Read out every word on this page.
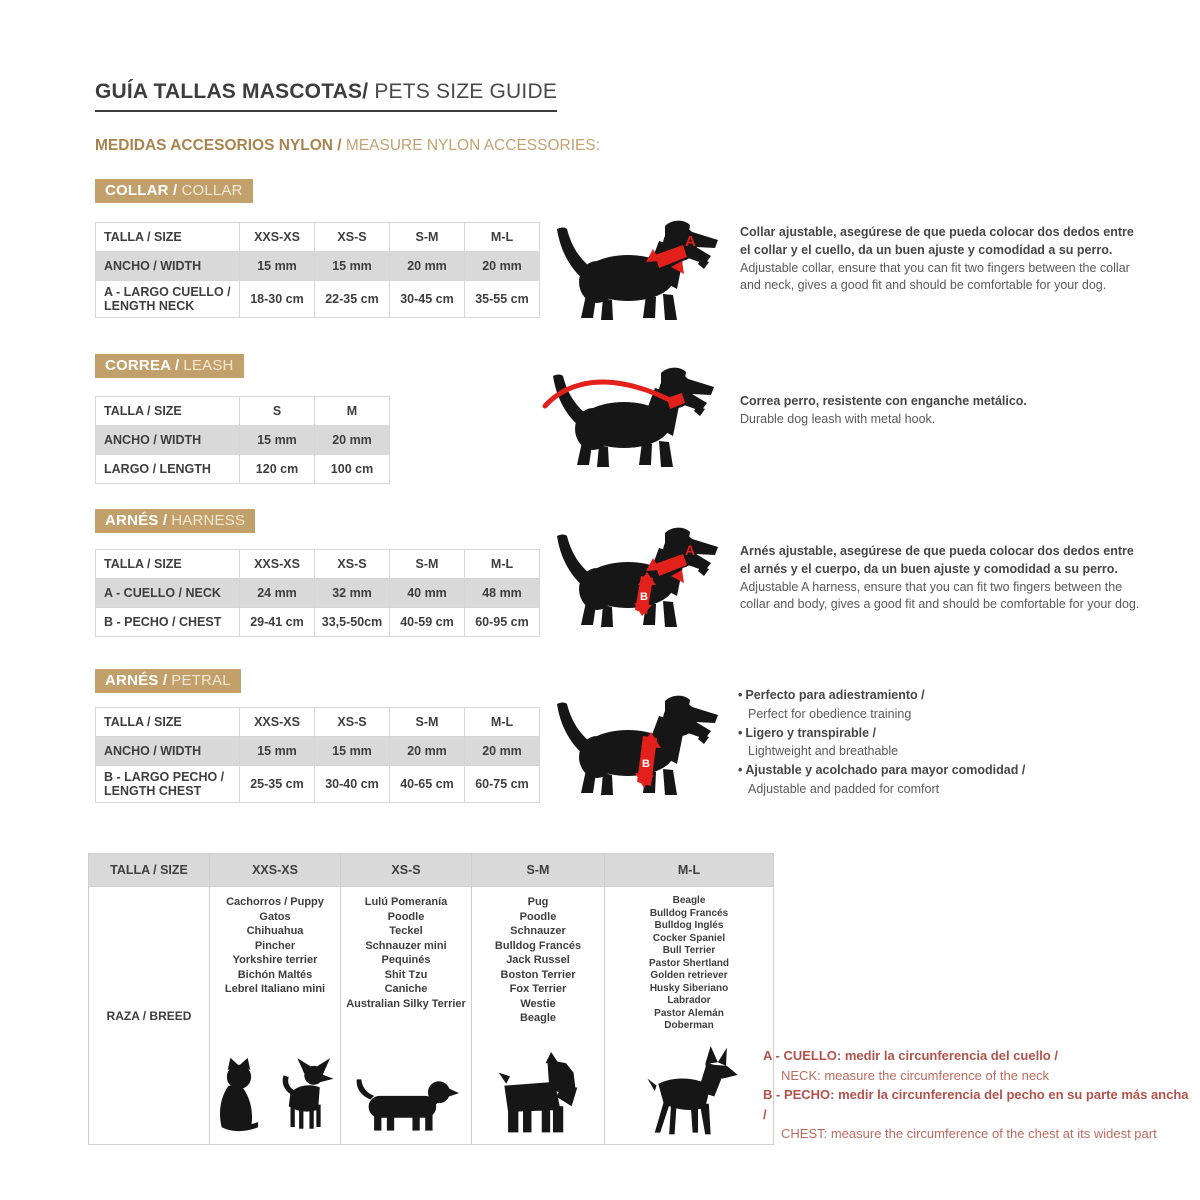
GUÍA TALLAS MASCOTAS/ PETS SIZE GUIDE
MEDIDAS ACCESORIOS NYLON / MEASURE NYLON ACCESSORIES:
COLLAR / COLLAR
TALLA / SIZE	XXS-XS	XS-S	S-M	M-L
ANCHO / WIDTH	15 mm	15 mm	20 mm	20 mm
A - LARGO CUELLO / LENGTH NECK	18-30 cm	22-35 cm	30-45 cm	35-55 cm
A
Collar ajustable, asegúrese de que pueda colocar dos dedos entre el collar y el cuello, da un buen ajuste y comodidad a su perro.
Adjustable collar, ensure that you can fit two fingers between the collar and neck, gives a good fit and should be comfortable for your dog.
CORREA / LEASH
TALLA / SIZE	S	M
ANCHO / WIDTH	15 mm	20 mm
LARGO / LENGTH	120 cm	100 cm
Correa perro, resistente con enganche metálico.
Durable dog leash with metal hook.
ARNÉS / HARNESS
TALLA / SIZE	XXS-XS	XS-S	S-M	M-L
A - CUELLO / NECK	24 mm	32 mm	40 mm	48 mm
B - PECHO / CHEST	29-41 cm	33,5-50cm	40-59 cm	60-95 cm
A
B
Arnés ajustable, asegúrese de que pueda colocar dos dedos entre el arnés y el cuerpo, da un buen ajuste y comodidad a su perro.
Adjustable A harness, ensure that you can fit two fingers between the collar and body, gives a good fit and should be comfortable for your dog.
ARNÉS / PETRAL
TALLA / SIZE	XXS-XS	XS-S	S-M	M-L
ANCHO / WIDTH	15 mm	15 mm	20 mm	20 mm
B - LARGO PECHO / LENGTH CHEST	25-35 cm	30-40 cm	40-65 cm	60-75 cm
B
• Perfecto para adiestramiento /
Perfect for obedience training
• Ligero y transpirable /
Lightweight and breathable
• Ajustable y acolchado para mayor comodidad /
Adjustable and padded for comfort
TALLA / SIZE	XXS-XS	XS-S	S-M	M-L
RAZA / BREED	
Cachorros / Puppy
Gatos
Chihuahua
Pincher
Yorkshire terrier
Bichón Maltés
Lebrel Italiano mini

Lulú Pomeranía
Poodle
Teckel
Schnauzer mini
Pequinés
Shit Tzu
Caniche
Australian Silky Terrier

Pug
Poodle
Schnauzer
Bulldog Francés
Jack Russel
Boston Terrier
Fox Terrier
Westie
Beagle

Beagle
Bulldog Francés
Bulldog Inglés
Cocker Spaniel
Bull Terrier
Pastor Shertland
Golden retriever
Husky Siberiano
Labrador
Pastor Alemán
Doberman
A - CUELLO: medir la circunferencia del cuello /
NECK: measure the circumference of the neck
B - PECHO: medir la circunferencia del pecho en su parte más ancha /
CHEST: measure the circumference of the chest at its widest part
